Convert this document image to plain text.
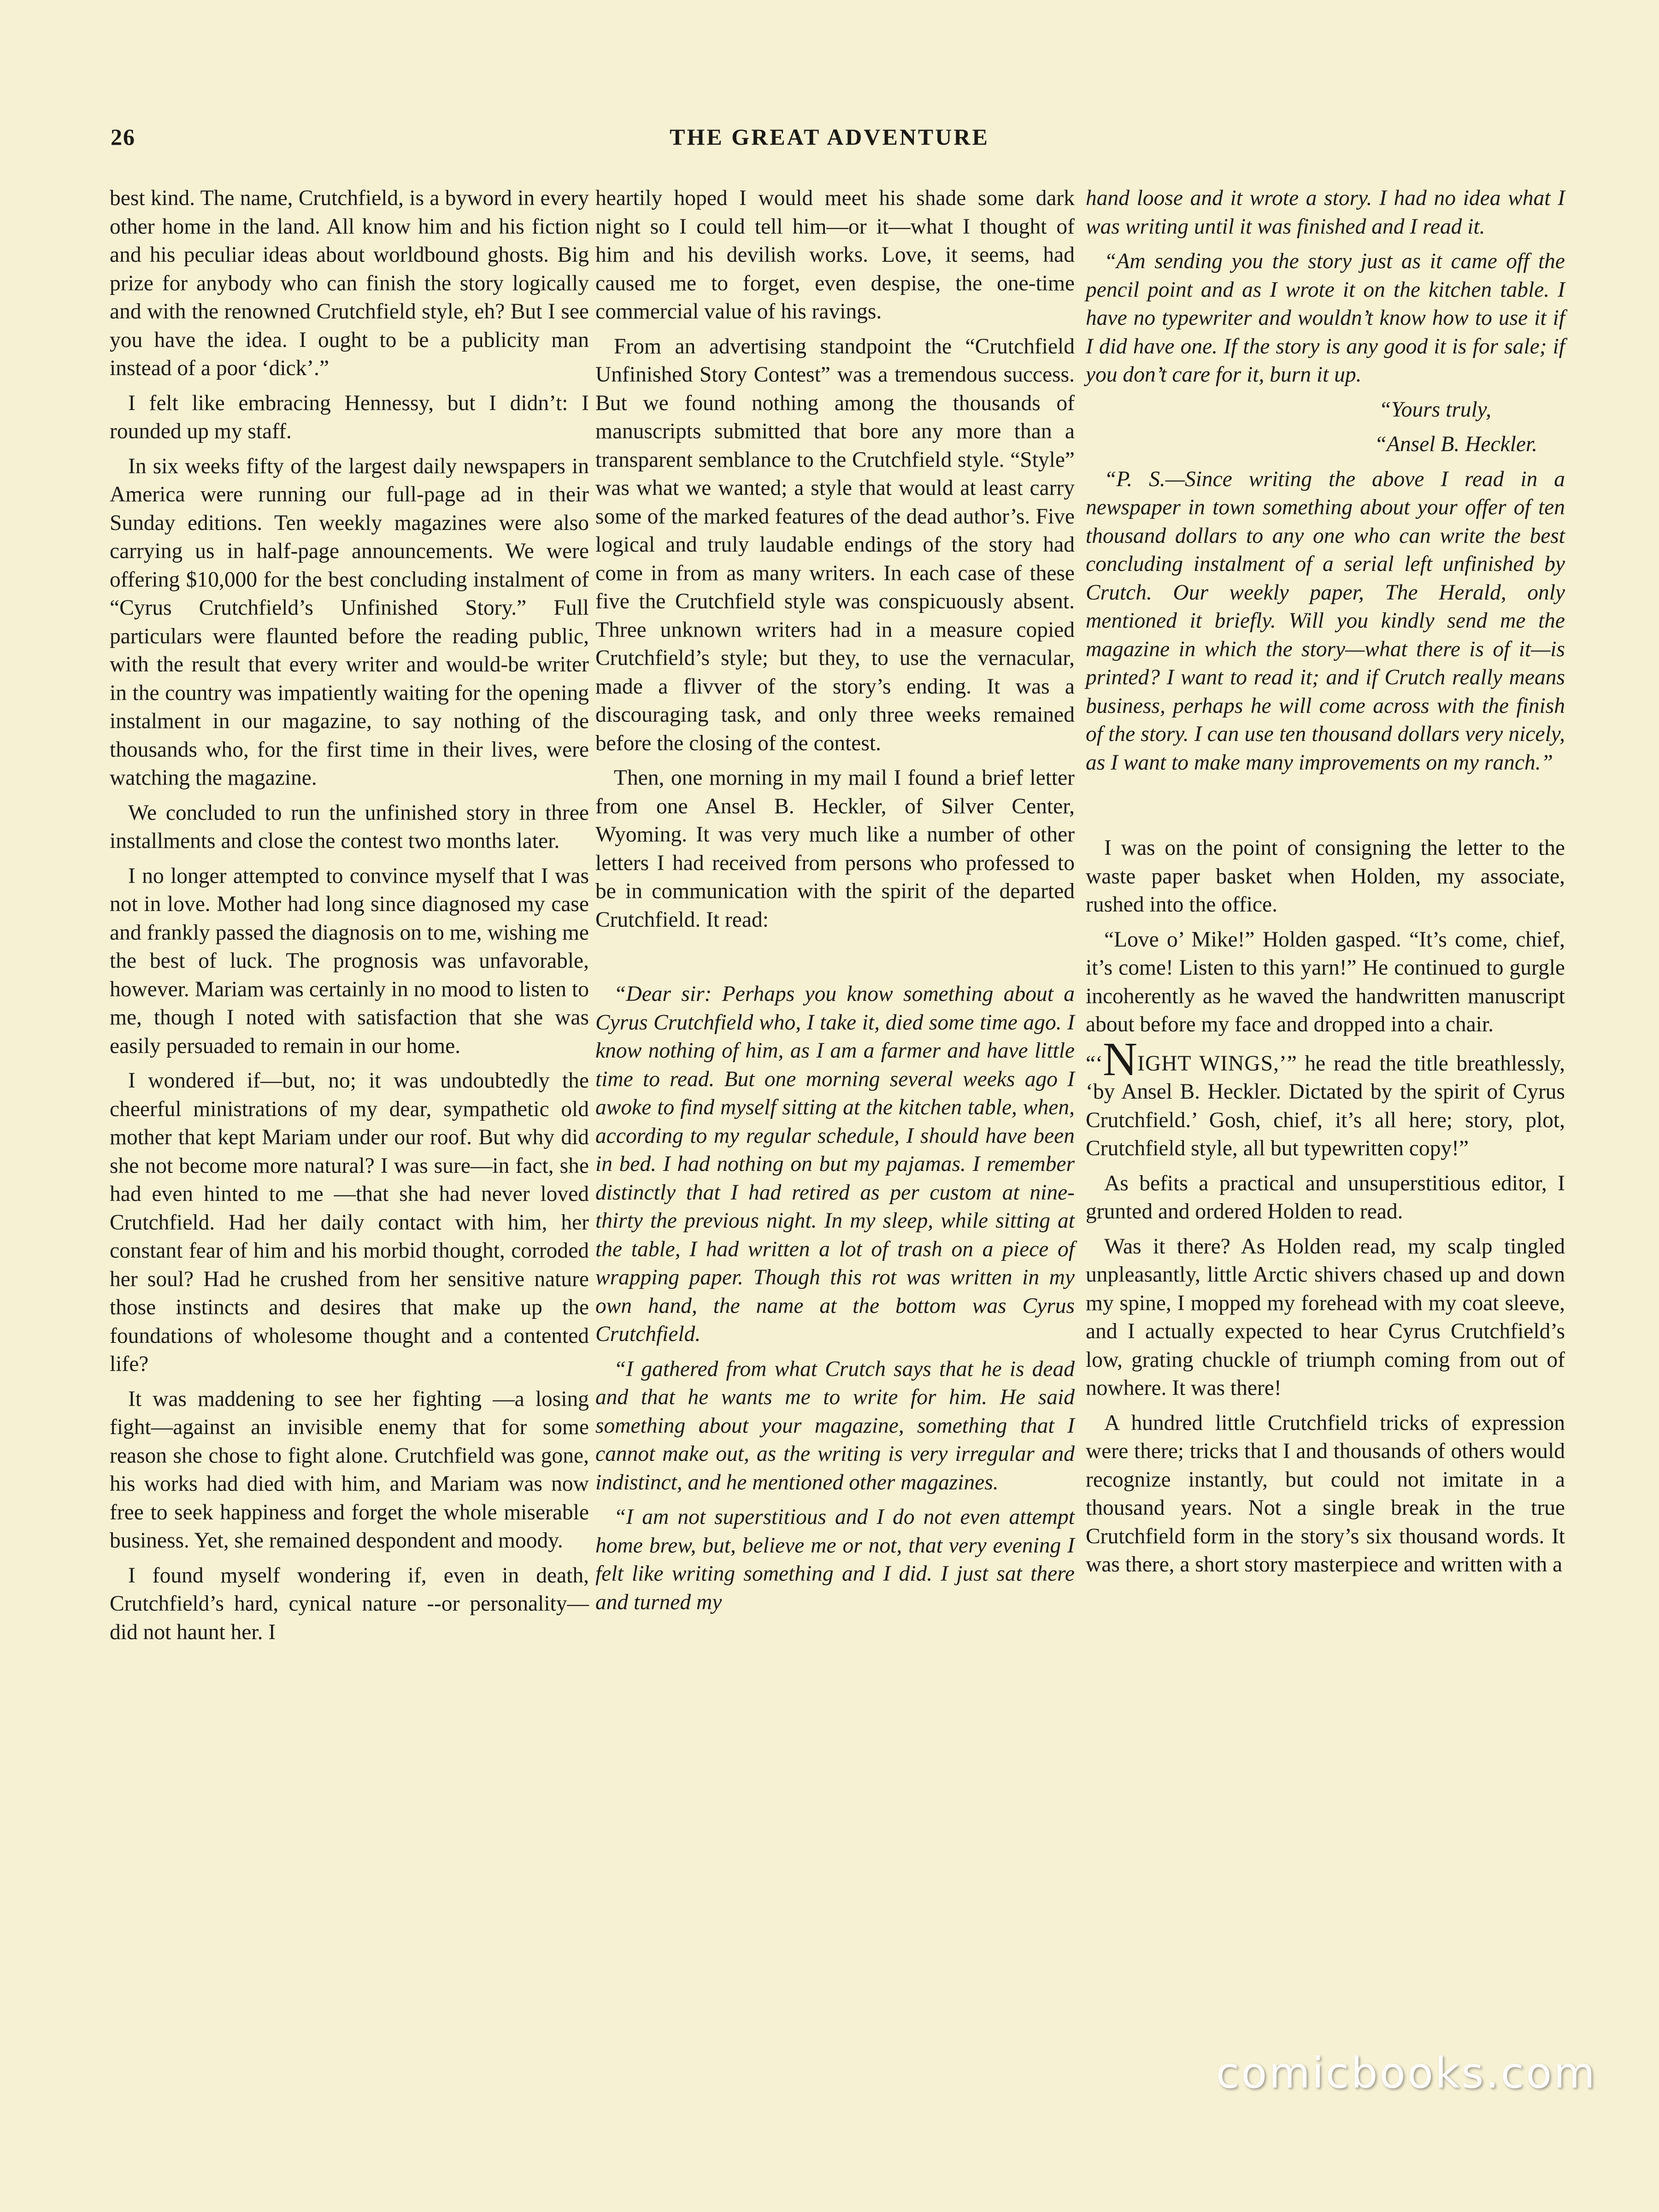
26	THE GREAT ADVENTURE

best kind. The name, Crutchfield, is a byword in every other home in the land. All know him and his fiction and his peculiar ideas about worldbound ghosts. Big prize for anybody who can finish the story logically and with the renowned Crutchfield style, eh? But I see you have the idea. I ought to be a publicity man instead of a poor ‘dick’.”

I felt like embracing Hennessy, but I didn’t: I rounded up my staff.

In six weeks fifty of the largest daily newspapers in America were running our full-page ad in their Sunday editions. Ten weekly magazines were also carrying us in half-page announcements. We were offering $10,000 for the best concluding instalment of “Cyrus Crutchfield’s Unfinished Story.” Full particulars were flaunted before the reading public, with the result that every writer and would-be writer in the country was impatiently waiting for the opening instalment in our magazine, to say nothing of the thousands who, for the first time in their lives, were watching the magazine.

We concluded to run the unfinished story in three installments and close the contest two months later.

I no longer attempted to convince myself that I was not in love. Mother had long since diagnosed my case and frankly passed the diagnosis on to me, wishing me the best of luck. The prognosis was unfavorable, however. Mariam was certainly in no mood to listen to me, though I noted with satisfaction that she was easily persuaded to remain in our home.

I wondered if—but, no; it was undoubtedly the cheerful ministrations of my dear, sympathetic old mother that kept Mariam under our roof. But why did she not become more natural? I was sure—in fact, she had even hinted to me —that she had never loved Crutchfield. Had her daily contact with him, her constant fear of him and his morbid thought, corroded her soul? Had he crushed from her sensitive nature those instincts and desires that make up the foundations of wholesome thought and a contented life?

It was maddening to see her fighting —a losing fight—against an invisible enemy that for some reason she chose to fight alone. Crutchfield was gone, his works had died with him, and Mariam was now free to seek happiness and forget the whole miserable business. Yet, she remained despondent and moody.

I found myself wondering if, even in death, Crutchfield’s hard, cynical nature --or personality—did not haunt her. I

heartily hoped I would meet his shade some dark night so I could tell him—or it—what I thought of him and his devilish works. Love, it seems, had caused me to forget, even despise, the one-time commercial value of his ravings.

From an advertising standpoint the “Crutchfield Unfinished Story Contest” was a tremendous success. But we found nothing among the thousands of manuscripts submitted that bore any more than a transparent semblance to the Crutchfield style. “Style” was what we wanted; a style that would at least carry some of the marked features of the dead author’s. Five logical and truly laudable endings of the story had come in from as many writers. In each case of these five the Crutchfield style was conspicuously absent. Three unknown writers had in a measure copied Crutchfield’s style; but they, to use the vernacular, made a flivver of the story’s ending. It was a discouraging task, and only three weeks remained before the closing of the contest.

Then, one morning in my mail I found a brief letter from one Ansel B. Heckler, of Silver Center, Wyoming. It was very much like a number of other letters I had received from persons who professed to be in communication with the spirit of the departed Crutchfield. It read:

“Dear sir: Perhaps you know something about a Cyrus Crutchfield who, I take it, died some time ago. I know nothing of him, as I am a farmer and have little time to read. But one morning several weeks ago I awoke to find myself sitting at the kitchen table, when, according to my regular schedule, I should have been in bed. I had nothing on but my pajamas. I remember distinctly that I had retired as per custom at nine-thirty the previous night. In my sleep, while sitting at the table, I had written a lot of trash on a piece of wrapping paper. Though this rot was written in my own hand, the name at the bottom was Cyrus Crutchfield.

“I gathered from what Crutch says that he is dead and that he wants me to write for him. He said something about your magazine, something that I cannot make out, as the writing is very irregular and indistinct, and he mentioned other magazines.

“I am not superstitious and I do not even attempt home brew, but, believe me or not, that very evening I felt like writing something and I did. I just sat there and turned my

hand loose and it wrote a story. I had no idea what I was writing until it was finished and I read it.

“Am sending you the story just as it came off the pencil point and as I wrote it on the kitchen table. I have no typewriter and wouldn’t know how to use it if I did have one. If the story is any good it is for sale; if you don’t care for it, burn it up.

“Yours truly,

“Ansel B. Heckler.

“P. S.—Since writing the above I read in a newspaper in town something about your offer of ten thousand dollars to any one who can write the best concluding instalment of a serial left unfinished by Crutch. Our weekly paper, The Herald, only mentioned it briefly. Will you kindly send me the magazine in which the story—what there is of it—is printed? I want to read it; and if Crutch really means business, perhaps he will come across with the finish of the story. I can use ten thousand dollars very nicely, as I want to make many improvements on my ranch.”

I was on the point of consigning the letter to the waste paper basket when Holden, my associate, rushed into the office.

“Love o’ Mike!” Holden gasped. “It’s come, chief, it’s come! Listen to this yarn!” He continued to gurgle incoherently as he waved the handwritten manuscript about before my face and dropped into a chair.

“‘NIGHT WINGS,’” he read the title breathlessly, ‘by Ansel B. Heckler. Dictated by the spirit of Cyrus Crutchfield.’ Gosh, chief, it’s all here; story, plot, Crutchfield style, all but typewritten copy!”

As befits a practical and unsuperstitious editor, I grunted and ordered Holden to read.

Was it there? As Holden read, my scalp tingled unpleasantly, little Arctic shivers chased up and down my spine, I mopped my forehead with my coat sleeve, and I actually expected to hear Cyrus Crutchfield’s low, grating chuckle of triumph coming from out of nowhere. It was there!

A hundred little Crutchfield tricks of expression were there; tricks that I and thousands of others would recognize instantly, but could not imitate in a thousand years. Not a single break in the true Crutchfield form in the story’s six thousand words. It was there, a short story masterpiece and written with a

comicbooks.com
